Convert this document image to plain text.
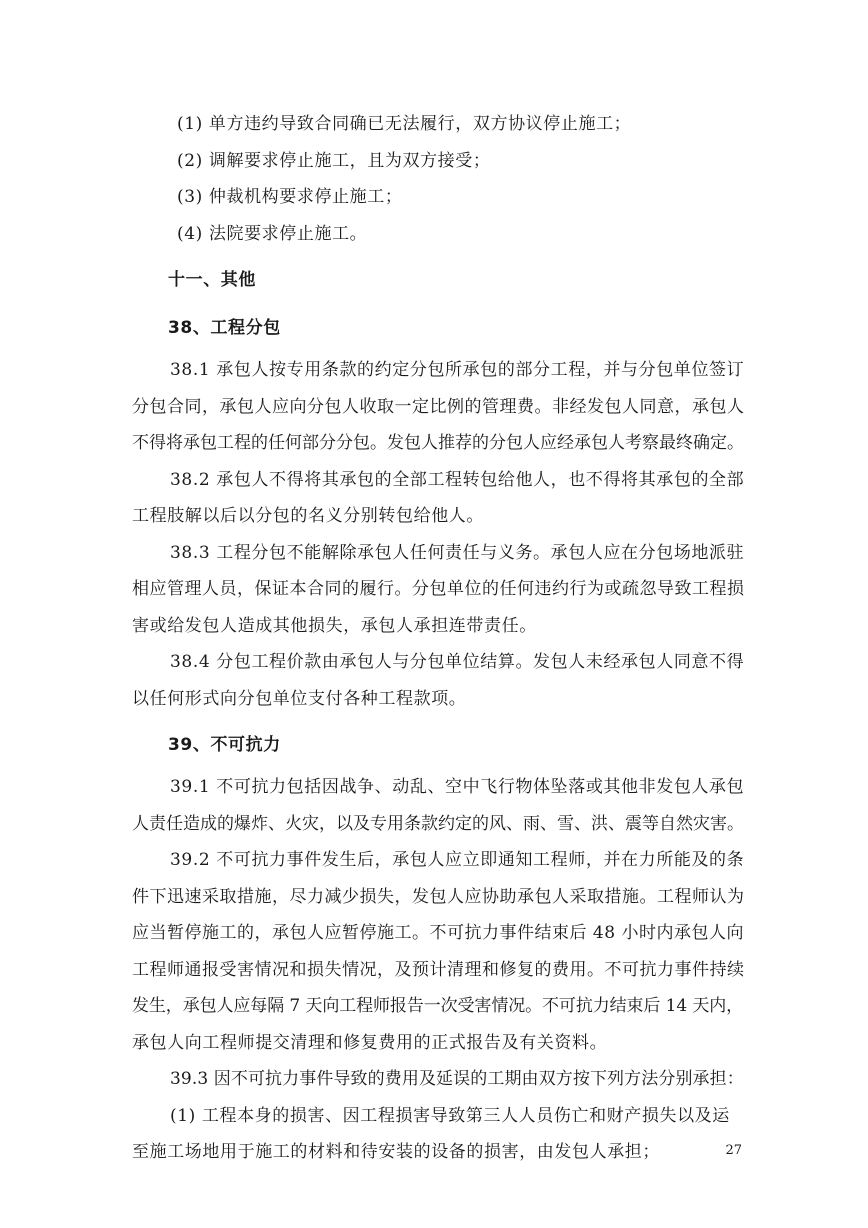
(1) 单方违约导致合同确已无法履行，双方协议停止施工；
(2) 调解要求停止施工，且为双方接受；
(3) 仲裁机构要求停止施工；
(4) 法院要求停止施工。
十一、其他
38、工程分包
38.1 承包人按专用条款的约定分包所承包的部分工程，并与分包单位签订
分包合同，承包人应向分包人收取一定比例的管理费。非经发包人同意，承包人
不得将承包工程的任何部分分包。发包人推荐的分包人应经承包人考察最终确定。
38.2 承包人不得将其承包的全部工程转包给他人，也不得将其承包的全部
工程肢解以后以分包的名义分别转包给他人。
38.3 工程分包不能解除承包人任何责任与义务。承包人应在分包场地派驻
相应管理人员，保证本合同的履行。分包单位的任何违约行为或疏忽导致工程损
害或给发包人造成其他损失，承包人承担连带责任。
38.4 分包工程价款由承包人与分包单位结算。发包人未经承包人同意不得
以任何形式向分包单位支付各种工程款项。
39、不可抗力
39.1 不可抗力包括因战争、动乱、空中飞行物体坠落或其他非发包人承包
人责任造成的爆炸、火灾，以及专用条款约定的风、雨、雪、洪、震等自然灾害。
39.2 不可抗力事件发生后，承包人应立即通知工程师，并在力所能及的条
件下迅速采取措施，尽力减少损失，发包人应协助承包人采取措施。工程师认为
应当暂停施工的，承包人应暂停施工。不可抗力事件结束后 48 小时内承包人向
工程师通报受害情况和损失情况，及预计清理和修复的费用。不可抗力事件持续
发生，承包人应每隔 7 天向工程师报告一次受害情况。不可抗力结束后 14 天内，
承包人向工程师提交清理和修复费用的正式报告及有关资料。
39.3 因不可抗力事件导致的费用及延误的工期由双方按下列方法分别承担：
(1) 工程本身的损害、因工程损害导致第三人人员伤亡和财产损失以及运
至施工场地用于施工的材料和待安装的设备的损害，由发包人承担；	27
